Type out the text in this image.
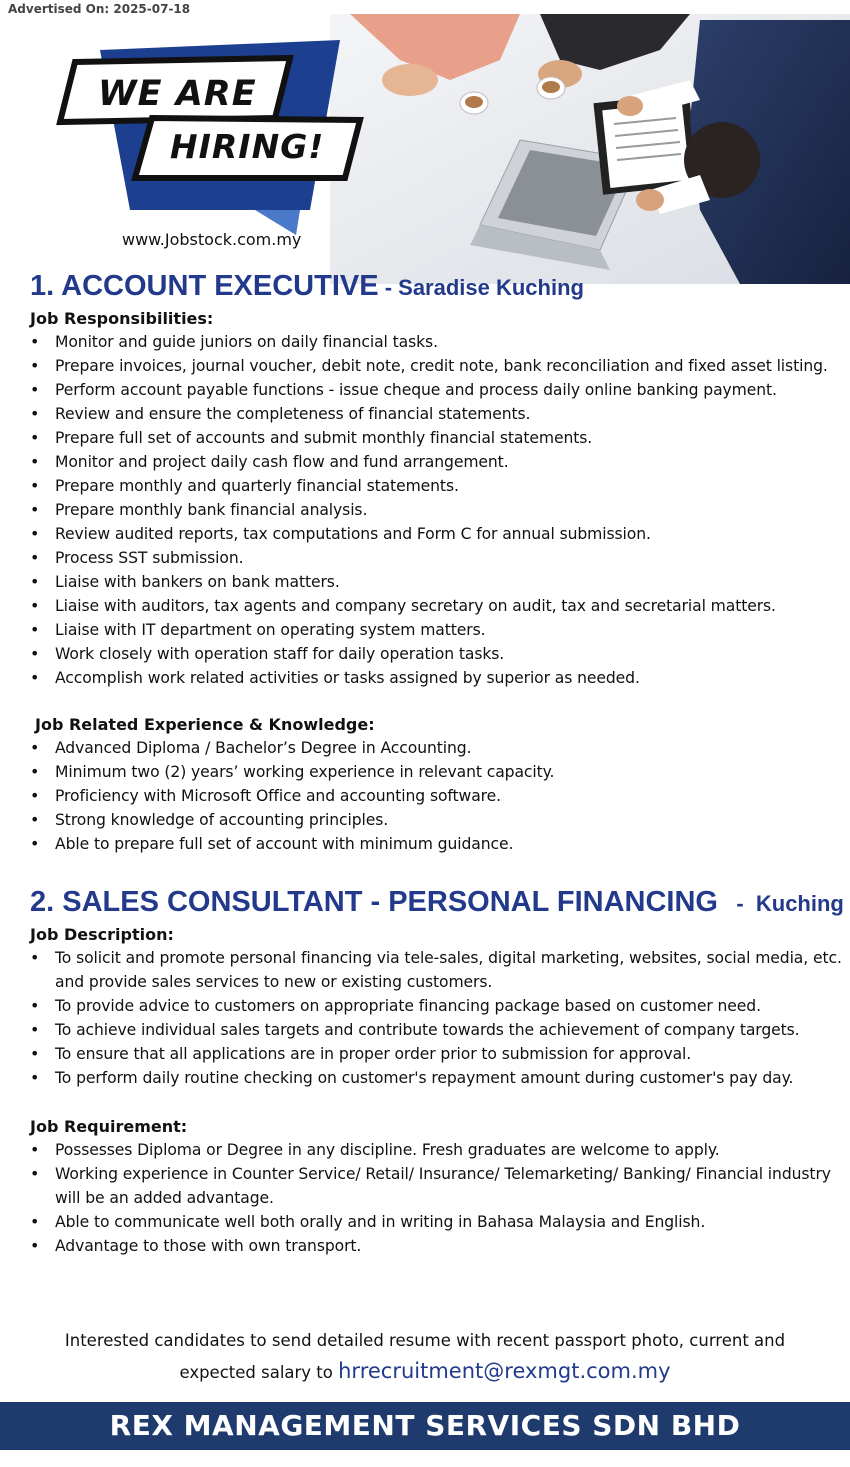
Advertised On: 2025-07-18
WE ARE
HIRING!
www.Jobstock.com.my
1. ACCOUNT EXECUTIVE - Saradise Kuching
Job Responsibilities:
• Monitor and guide juniors on daily financial tasks.
• Prepare invoices, journal voucher, debit note, credit note, bank reconciliation and fixed asset listing.
• Perform account payable functions - issue cheque and process daily online banking payment.
• Review and ensure the completeness of financial statements.
• Prepare full set of accounts and submit monthly financial statements.
• Monitor and project daily cash flow and fund arrangement.
• Prepare monthly and quarterly financial statements.
• Prepare monthly bank financial analysis.
• Review audited reports, tax computations and Form C for annual submission.
• Process SST submission.
• Liaise with bankers on bank matters.
• Liaise with auditors, tax agents and company secretary on audit, tax and secretarial matters.
• Liaise with IT department on operating system matters.
• Work closely with operation staff for daily operation tasks.
• Accomplish work related activities or tasks assigned by superior as needed.
Job Related Experience & Knowledge:
• Advanced Diploma / Bachelor’s Degree in Accounting.
• Minimum two (2) years’ working experience in relevant capacity.
• Proficiency with Microsoft Office and accounting software.
• Strong knowledge of accounting principles.
• Able to prepare full set of account with minimum guidance.
2. SALES CONSULTANT - PERSONAL FINANCING   -  Kuching
Job Description:
• To solicit and promote personal financing via tele-sales, digital marketing, websites, social media, etc. and provide sales services to new or existing customers.
• To provide advice to customers on appropriate financing package based on customer need.
• To achieve individual sales targets and contribute towards the achievement of company targets.
• To ensure that all applications are in proper order prior to submission for approval.
• To perform daily routine checking on customer's repayment amount during customer's pay day.
Job Requirement:
• Possesses Diploma or Degree in any discipline. Fresh graduates are welcome to apply.
• Working experience in Counter Service/ Retail/ Insurance/ Telemarketing/ Banking/ Financial industry will be an added advantage.
• Able to communicate well both orally and in writing in Bahasa Malaysia and English.
• Advantage to those with own transport.
Interested candidates to send detailed resume with recent passport photo, current and
expected salary to hrrecruitment@rexmgt.com.my
REX MANAGEMENT SERVICES SDN BHD
